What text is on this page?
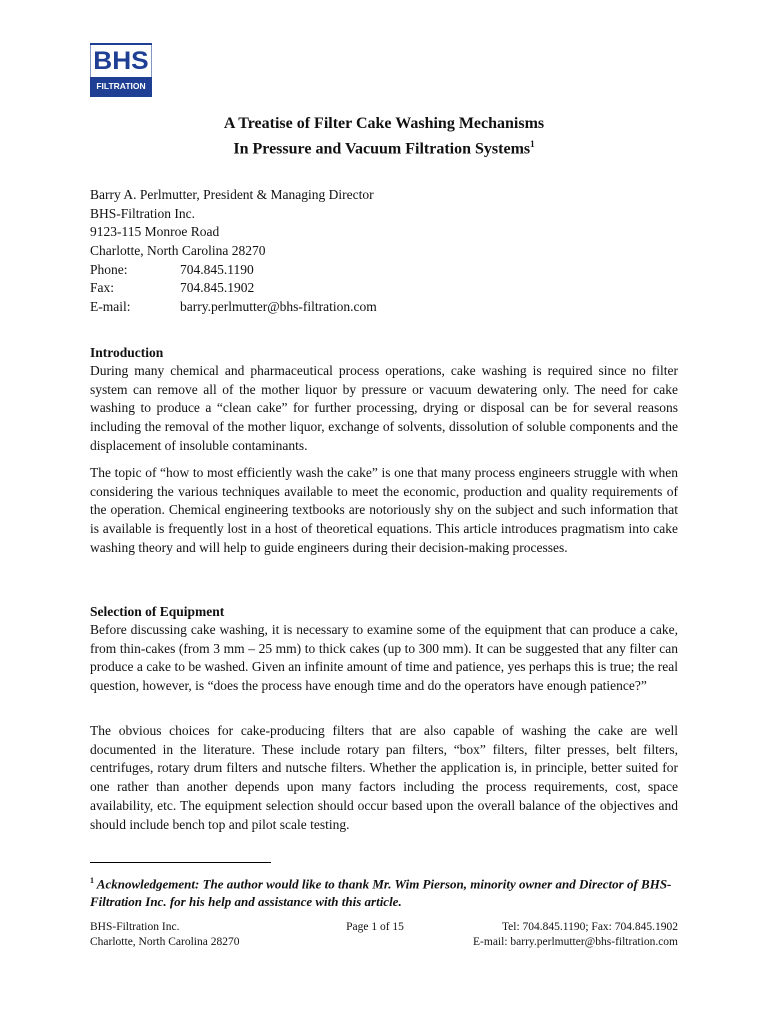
BHS
FILTRATION
A Treatise of Filter Cake Washing Mechanisms
In Pressure and Vacuum Filtration Systems$^1$
Barry A. Perlmutter, President & Managing Director
BHS-Filtration Inc.
9123-115 Monroe Road
Charlotte, North Carolina 28270
Phone:	704.845.1190
Fax:	704.845.1902
E-mail:	barry.perlmutter@bhs-filtration.com
Introduction
During many chemical and pharmaceutical process operations, cake washing is required since no filter system can remove all of the mother liquor by pressure or vacuum dewatering only. The need for cake washing to produce a “clean cake” for further processing, drying or disposal can be for several reasons including the removal of the mother liquor, exchange of solvents, dissolution of soluble components and the displacement of insoluble contaminants.
The topic of “how to most efficiently wash the cake” is one that many process engineers struggle with when considering the various techniques available to meet the economic, production and quality requirements of the operation. Chemical engineering textbooks are notoriously shy on the subject and such information that is available is frequently lost in a host of theoretical equations. This article introduces pragmatism into cake washing theory and will help to guide engineers during their decision-making processes.
Selection of Equipment
Before discussing cake washing, it is necessary to examine some of the equipment that can produce a cake, from thin-cakes (from 3 mm – 25 mm) to thick cakes (up to 300 mm). It can be suggested that any filter can produce a cake to be washed. Given an infinite amount of time and patience, yes perhaps this is true; the real question, however, is “does the process have enough time and do the operators have enough patience?”
The obvious choices for cake-producing filters that are also capable of washing the cake are well documented in the literature. These include rotary pan filters, “box” filters, filter presses, belt filters, centrifuges, rotary drum filters and nutsche filters. Whether the application is, in principle, better suited for one rather than another depends upon many factors including the process requirements, cost, space availability, etc. The equipment selection should occur based upon the overall balance of the objectives and should include bench top and pilot scale testing.
$^1$ Acknowledgement: The author would like to thank Mr. Wim Pierson, minority owner and Director of BHS-Filtration Inc. for his help and assistance with this article.
BHS-Filtration Inc.
Charlotte, North Carolina 28270
Page 1 of 15	Tel: 704.845.1190; Fax: 704.845.1902
E-mail: barry.perlmutter@bhs-filtration.com
